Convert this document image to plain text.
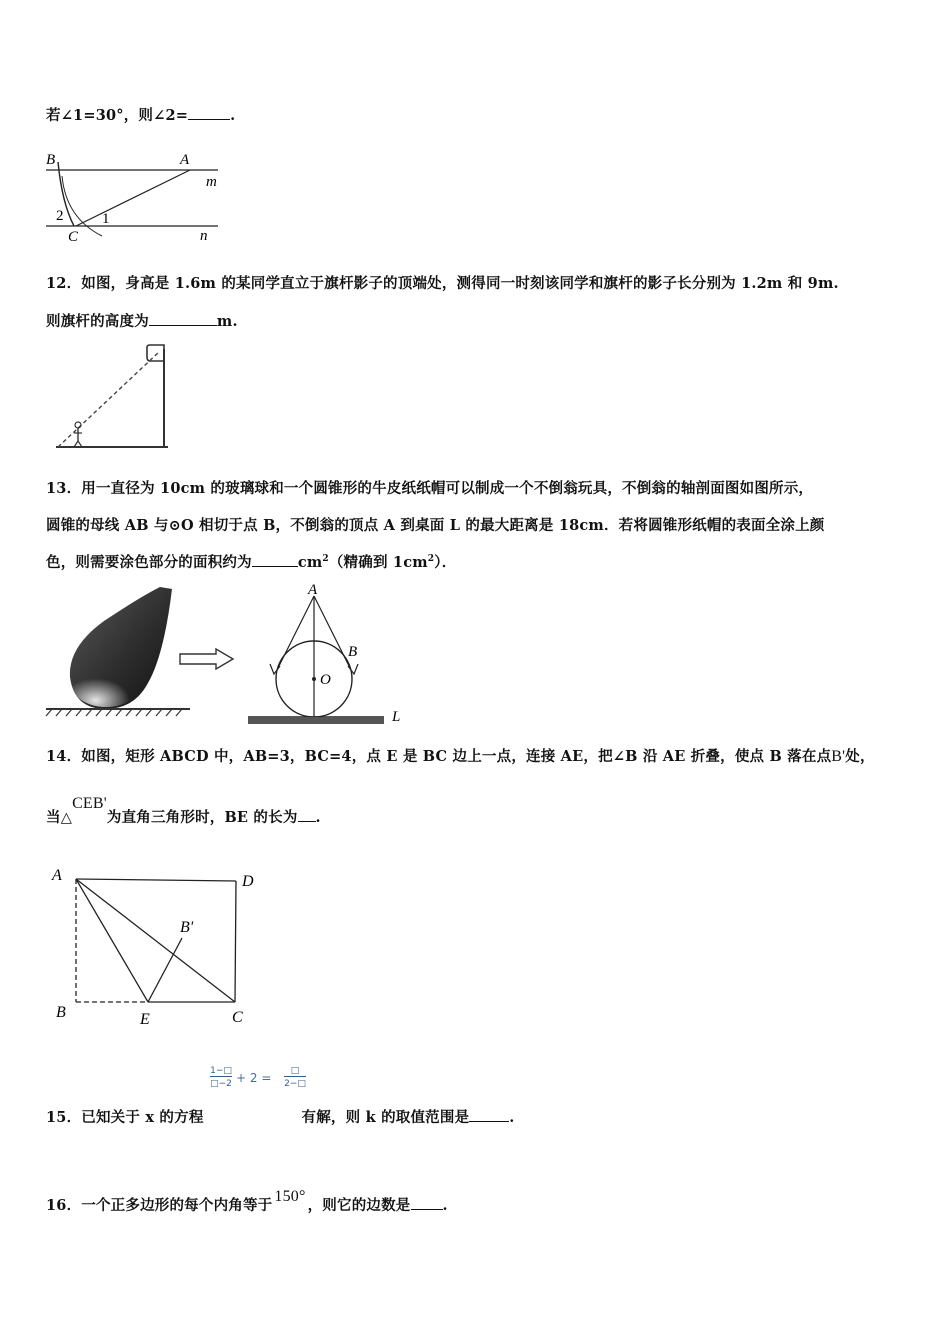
若∠1=30°，则∠2=	.
B	A
m
n
C
1
2
12．如图，身高是 1.6m 的某同学直立于旗杆影子的顶端处，测得同一时刻该同学和旗杆的影子长分别为 1.2m 和 9m.
则旗杆的高度为	m.
13．用一直径为 10cm 的玻璃球和一个圆锥形的牛皮纸纸帽可以制成一个不倒翁玩具，不倒翁的轴剖面图如图所示，
圆锥的母线 AB 与⊙O 相切于点 B，不倒翁的顶点 A 到桌面 L 的最大距离是 18cm．若将圆锥形纸帽的表面全涂上颜
色，则需要涂色部分的面积约为	$cm^2$（精确到 $1cm^2$）．
A
B
O
L
14．如图，矩形 ABCD 中，AB=3，BC=4，点 E 是 BC 边上一点，连接 AE，把∠B 沿 AE 折叠，使点 B 落在点B'处，
当△CEB'为直角三角形时，BE 的长为 .
A	D
B'
B	E	C
1−□
□−2 + 2 =	□
2−□
15．已知关于 x 的方程	有解，则 k 的取值范围是	.
16．一个正多边形的每个内角等于150°，则它的边数是 .
